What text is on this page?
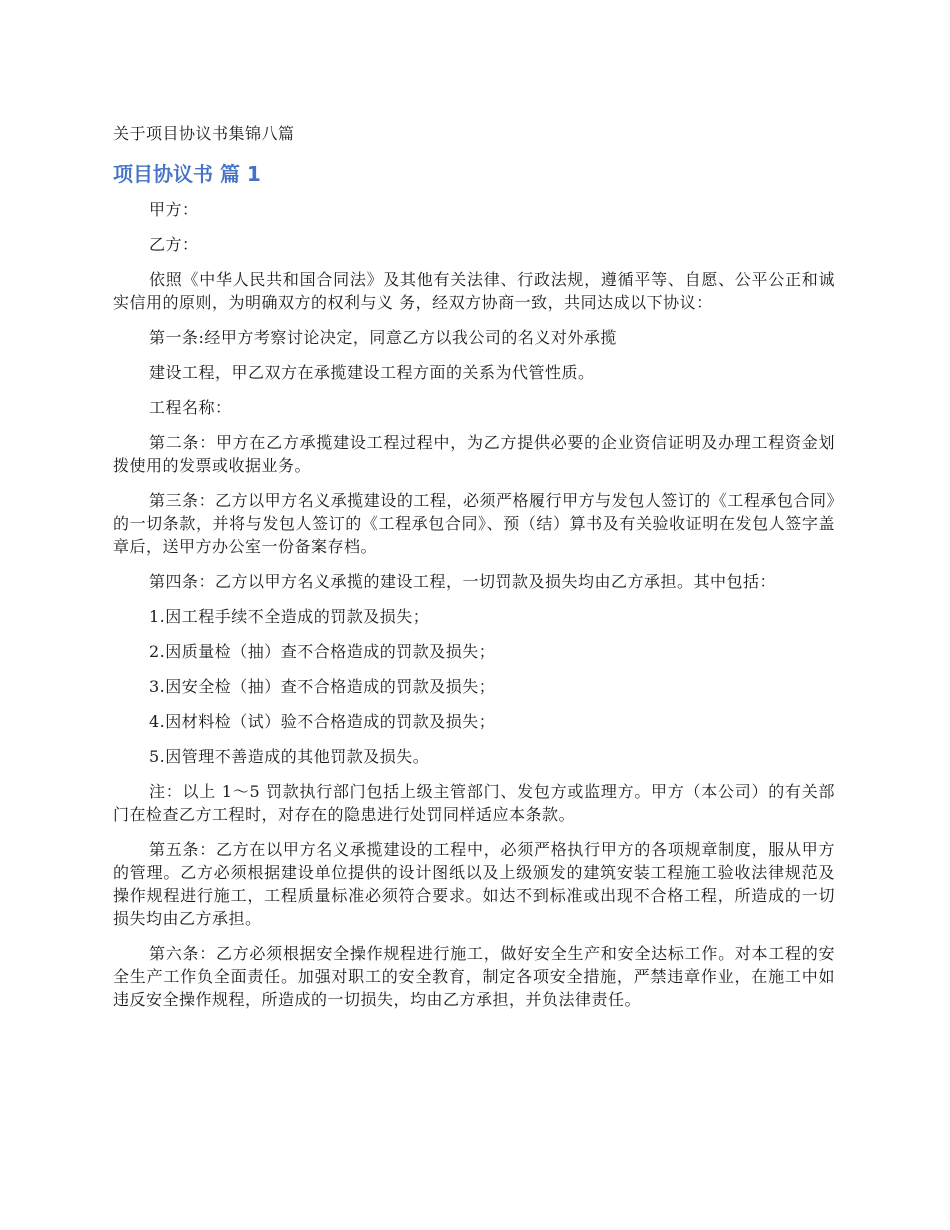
关于项目协议书集锦八篇
项目协议书 篇 1

甲方：

乙方：

依照《中华人民共和国合同法》及其他有关法律、行政法规，遵循平等、自愿、公平公正和诚实信用的原则，为明确双方的权利与义 务，经双方协商一致，共同达成以下协议：

第一条:经甲方考察讨论决定，同意乙方以我公司的名义对外承揽

建设工程，甲乙双方在承揽建设工程方面的关系为代管性质。

工程名称：

第二条：甲方在乙方承揽建设工程过程中，为乙方提供必要的企业资信证明及办理工程资金划拨使用的发票或收据业务。

第三条：乙方以甲方名义承揽建设的工程，必须严格履行甲方与发包人签订的《工程承包合同》的一切条款，并将与发包人签订的《工程承包合同》、预（结）算书及有关验收证明在发包人签字盖章后，送甲方办公室一份备案存档。

第四条：乙方以甲方名义承揽的建设工程，一切罚款及损失均由乙方承担。其中包括：

1.因工程手续不全造成的罚款及损失；

2.因质量检（抽）查不合格造成的罚款及损失；

3.因安全检（抽）查不合格造成的罚款及损失；

4.因材料检（试）验不合格造成的罚款及损失；

5.因管理不善造成的其他罚款及损失。

注：以上 1～5 罚款执行部门包括上级主管部门、发包方或监理方。甲方（本公司）的有关部门在检查乙方工程时，对存在的隐患进行处罚同样适应本条款。

第五条：乙方在以甲方名义承揽建设的工程中，必须严格执行甲方的各项规章制度，服从甲方的管理。乙方必须根据建设单位提供的设计图纸以及上级颁发的建筑安装工程施工验收法律规范及操作规程进行施工，工程质量标准必须符合要求。如达不到标准或出现不合格工程，所造成的一切损失均由乙方承担。

第六条：乙方必须根据安全操作规程进行施工，做好安全生产和安全达标工作。对本工程的安全生产工作负全面责任。加强对职工的安全教育，制定各项安全措施，严禁违章作业，在施工中如违反安全操作规程，所造成的一切损失，均由乙方承担，并负法律责任。
